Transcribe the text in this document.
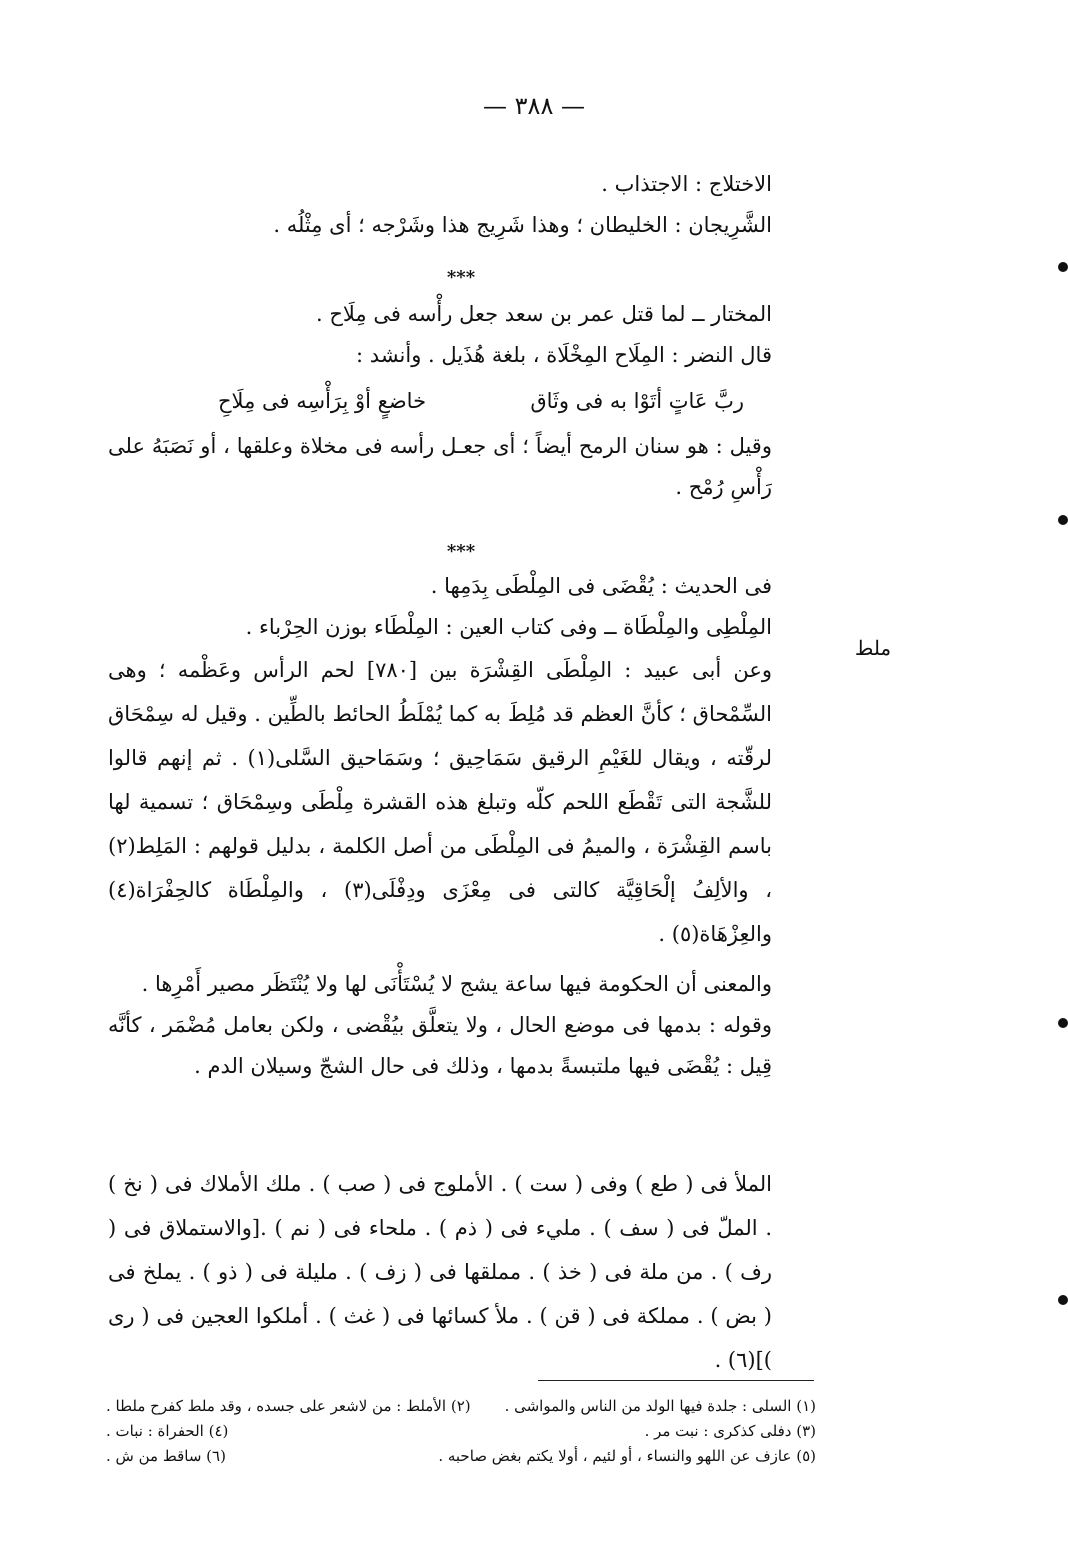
— ٣٨٨ —
ملط

الاختلاج : الاجتذاب .

الشَّرِيجان : الخليطان ؛ وهذا شَرِيج هذا وشَرْجه ؛ أى مِثْلُه .

***

المختار ــ لما قتل عمر بن سعد جعل رأْسه فى مِلَاح .

قال النضر : المِلَاح المِخْلَاة ، بلغة هُذَيل . وأنشد :

ربَّ عَاتٍ أتَوْا به فى وثَاق
خاضعٍ أوْ بِرَأْسِه فى مِلَاحِ

وقيل : هو سنان الرمح أيضاً ؛ أى جعـل رأسه فى مخلاة وعلقها ، أو نَصَبَهُ على رَأْسِ رُمْح .

***

فى الحديث : يُقْضَى فى المِلْطَى بِدَمِها .

المِلْطِى والمِلْطَاة ــ وفى كتاب العين : المِلْطَاء بوزن الحِرْباء .

وعن أبى عبيد : المِلْطَى القِشْرَة بين [٧٨٠] لحم الرأس وعَظْمه ؛ وهى السِّمْحاق ؛ كأنَّ العظم قد مُلِطَ به كما يُمْلَطُ الحائط بالطِّين . وقيل له سِمْحَاق لرقّته ، ويقال للغَيْمِ الرقيق سَمَاحِيق ؛ وسَمَاحيق السَّلى(١) . ثم إنهم قالوا للشَّجة التى تَقْطَع اللحم كلّه وتبلغ هذه القشرة مِلْطَى وسِمْحَاق ؛ تسمية لها باسم القِشْرَة ، والميمُ فى المِلْطَى من أصل الكلمة ، بدليل قولهم : المَلِط(٢) ، والألِفُ إلْحَاقِيَّة كالتى فى مِعْزَى ودِفْلَى(٣) ، والمِلْطَاة كالحِفْرَاة(٤) والعِزْهَاة(٥) .

والمعنى أن الحكومة فيها ساعة يشج لا يُسْتَأْنَى لها ولا يُنْتَظَر مصير أَمْرِها .

وقوله : بدمها فى موضع الحال ، ولا يتعلَّق بيُقْضى ، ولكن بعامل مُضْمَر ، كأنَّه قِيل : يُقْضَى فيها ملتبسةً بدمها ، وذلك فى حال الشجّ وسيلان الدم .

الملأ فى ( طع ) وفى ( ست ) . الأملوج فى ( صب ) . ملك الأملاك فى ( نخ ) . الملّ فى ( سف ) . مليء فى ( ذم ) . ملحاء فى ( نم ) .[والاستملاق فى ( رف ) . من ملة فى ( خذ ) . مملقها فى ( زف ) . مليلة فى ( ذو ) . يملخ فى ( بض ) . مملكة فى ( قن ) . ملأ كسائها فى ( غث ) . أملكوا العجين فى ( رى )](٦) .

(١) السلى : جلدة فيها الولد من الناس والمواشى .
(٢) الأملط : من لاشعر على جسده ، وقد ملط كفرح ملطا .
(٣) دفلى كذكرى : نبت مر .
(٤) الحفراة : نبات .
(٥) عازف عن اللهو والنساء ، أو لئيم ، أولا يكتم بغض صاحبه .
(٦) ساقط من ش .
